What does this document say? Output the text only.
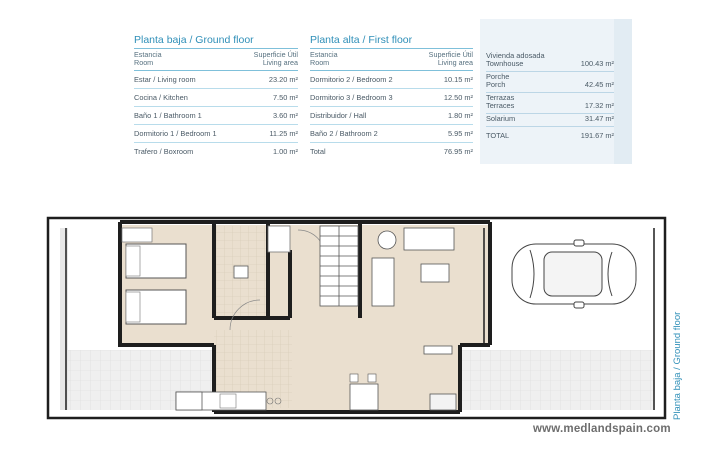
Planta baja / Ground floor
Estancia
Room
Superficie Útil
Living area
Estar / Living room	23.20 m²
Cocina / Kitchen	7.50 m²
Baño 1 / Bathroom 1	3.60 m²
Dormitorio 1 / Bedroom 1	11.25 m²
Trafero / Boxroom	1.00 m²
Planta alta / First floor
Estancia
Room
Superficie Útil
Living area
Dormitorio 2 / Bedroom 2	10.15 m²
Dormitorio 3 / Bedroom 3	12.50 m²
Distribuidor / Hall	1.80 m²
Baño 2 / Bathroom 2	5.95 m²
Total	76.95 m²
Vivienda adosada
Townhouse	100.43 m²
Porche
Porch	42.45 m²
Terrazas
Terraces	17.32 m²
Solarium	31.47 m²
TOTAL	191.67 m²
Planta baja / Ground floor
www.medlandspain.com
